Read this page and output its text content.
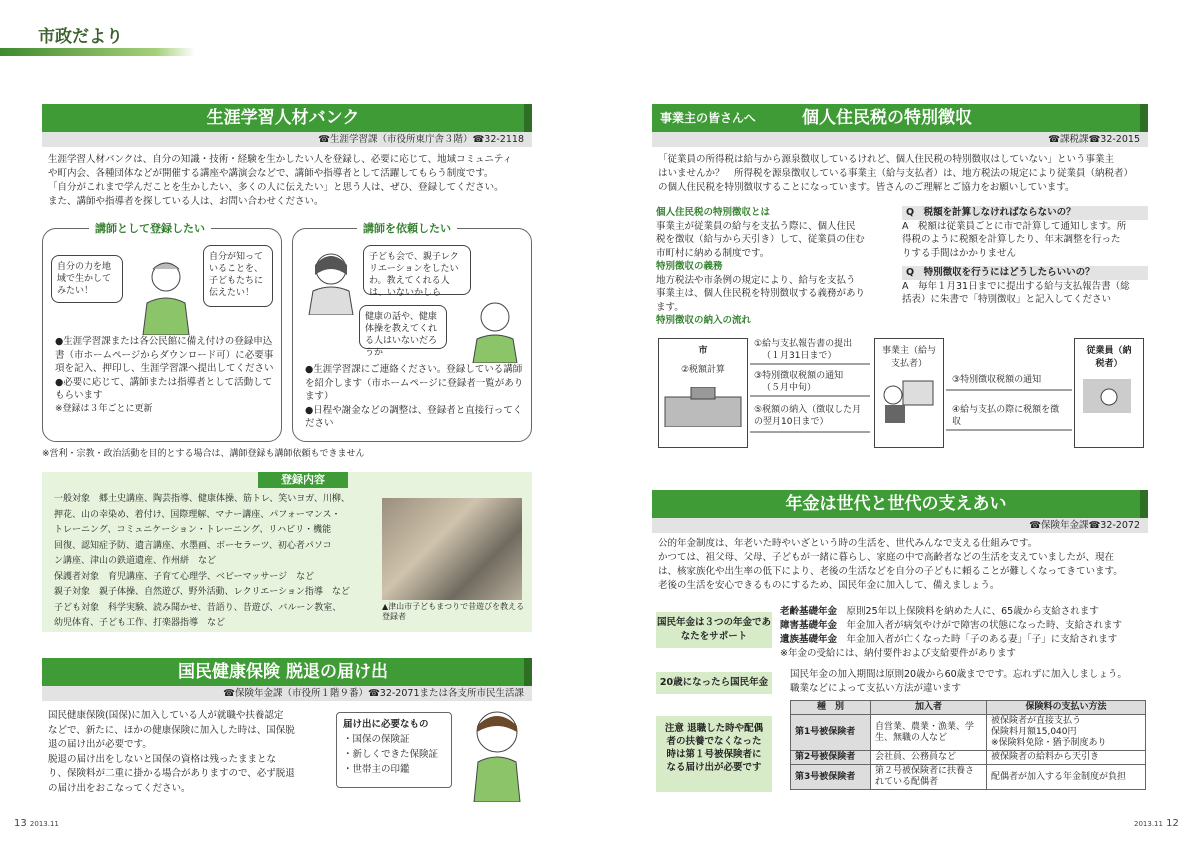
市政だより
生涯学習人材バンク
☎生涯学習課（市役所東庁舎３階）☎32-2118
生涯学習人材バンクは、自分の知識・技術・経験を生かしたい人を登録し、必要に応じて、地域コミュニティ
や町内会、各種団体などが開催する講座や講演会などで、講師や指導者として活躍してもらう制度です。
「自分がこれまで学んだことを生かしたい、多くの人に伝えたい」と思う人は、ぜひ、登録してください。
また、講師や指導者を探している人は、お問い合わせください。
講師として登録したい
自分の力を地域で生かしてみたい！
自分が知っていることを、子どもたちに伝えたい！
●生涯学習課または各公民館に備え付けの登録申込書（市ホームページからダウンロード可）に必要事項を記入、押印し、生涯学習課へ提出してください
●必要に応じて、講師または指導者として活動してもらいます
※登録は３年ごとに更新
講師を依頼したい
子ども会で、親子レクリエーションをしたいわ。教えてくれる人は、いないかしら
健康の話や、健康体操を教えてくれる人はいないだろうか
●生涯学習課にご連絡ください。登録している講師を紹介します（市ホームページに登録者一覧があります）
●日程や謝金などの調整は、登録者と直接行ってください
※営利・宗教・政治活動を目的とする場合は、講師登録も講師依頼もできません
登録内容
一般対象　郷土史講座、陶芸指導、健康体操、筋トレ、笑いヨガ、川柳、
押花、山の幸染め、着付け、国際理解、マナー講座、パフォーマンス・
トレーニング、コミュニケーション・トレーニング、リハビリ・機能
回復、認知症予防、遺言講座、水墨画、ボーセラーツ、初心者パソコ
ン講座、津山の鉄道遺産、作州絣　など
保護者対象　育児講座、子育て心理学、ベビーマッサージ　など
親子対象　親子体操、自然遊び、野外活動、レクリエーション指導　など
子ども対象　科学実験、読み聞かせ、昔語り、昔遊び、バルーン教室、
幼児体育、子ども工作、打楽器指導　など
▲津山市子どもまつりで昔遊びを教える登録者
国民健康保険 脱退の届け出
☎保険年金課（市役所１階９番）☎32-2071または各支所市民生活課
国民健康保険(国保)に加入している人が就職や扶養認定
などで、新たに、ほかの健康保険に加入した時は、国保脱
退の届け出が必要です。
脱退の届け出をしないと国保の資格は残ったままとな
り、保険料が二重に掛かる場合がありますので、必ず脱退
の届け出をおこなってください。
届け出に必要なもの
・国保の保険証
・新しくできた保険証
・世帯主の印鑑
事業主の皆さんへ	個人住民税の特別徴収
☎課税課☎32-2015
「従業員の所得税は給与から源泉徴収しているけれど、個人住民税の特別徴収はしていない」という事業主
はいませんか？　所得税を源泉徴収している事業主（給与支払者）は、地方税法の規定により従業員（納税者）
の個人住民税を特別徴収することになっています。皆さんのご理解とご協力をお願いしています。
個人住民税の特別徴収とは
事業主が従業員の給与を支払う際に、個人住民
税を徴収（給与から天引き）して、従業員の住む
市町村に納める制度です。
特別徴収の義務
地方税法や市条例の規定により、給与を支払う
事業主は、個人住民税を特別徴収する義務があり
ます。
特別徴収の納入の流れ
Q　税額を計算しなければならないの？
A　税額は従業員ごとに市で計算して通知します。所
得税のように税額を計算したり、年末調整を行った
りする手間はかかりません
Q　特別徴収を行うにはどうしたらいいの？
A　毎年１月31日までに提出する給与支払報告書（総
括表）に朱書で「特別徴収」と記入してください
市
②税額計算
事業主（給与支払者）
従業員（納税者）
①給与支払報告書の提出
（１月31日まで）
③特別徴収税額の通知
（５月中旬）
⑤税額の納入（徴収した月の翌月10日まで）
③特別徴収税額の通知
④給与支払の際に税額を徴収
年金は世代と世代の支えあい
☎保険年金課☎32-2072
公的年金制度は、年老いた時やいざという時の生活を、世代みんなで支える仕組みです。
かつては、祖父母、父母、子どもが一緒に暮らし、家庭の中で高齢者などの生活を支えていましたが、現在
は、核家族化や出生率の低下により、老後の生活などを自分の子どもに頼ることが難しくなってきています。
老後の生活を安心できるものにするため、国民年金に加入して、備えましょう。
国民年金は３つの年金であなたをサポート
老齢基礎年金　 原則25年以上保険料を納めた人に、65歳から支給されます
障害基礎年金　 年金加入者が病気やけがで障害の状態になった時、支給されます
遺族基礎年金　 年金加入者が亡くなった時「子のある妻」「子」に支給されます
※年金の受給には、納付要件および支給要件があります
20歳になったら国民年金
国民年金の加入期間は原則20歳から60歳までです。忘れずに加入しましょう。
職業などによって支払い方法が違います
注意 退職した時や配偶者の扶養でなくなった時は第１号被保険者になる届け出が必要です
種　別	加入者	保険料の支払い方法
第1号被保険者	自営業、農業・漁業、学生、無職の人など	被保険者が直接支払う
保険料月額15,040円
※保険料免除・猶予制度あり
第2号被保険者	会社員、公務員など	被保険者の給料から天引き
第3号被保険者	第２号被保険者に扶養されている配偶者	配偶者が加入する年金制度が負担
13 2013.11	2013.11 12
